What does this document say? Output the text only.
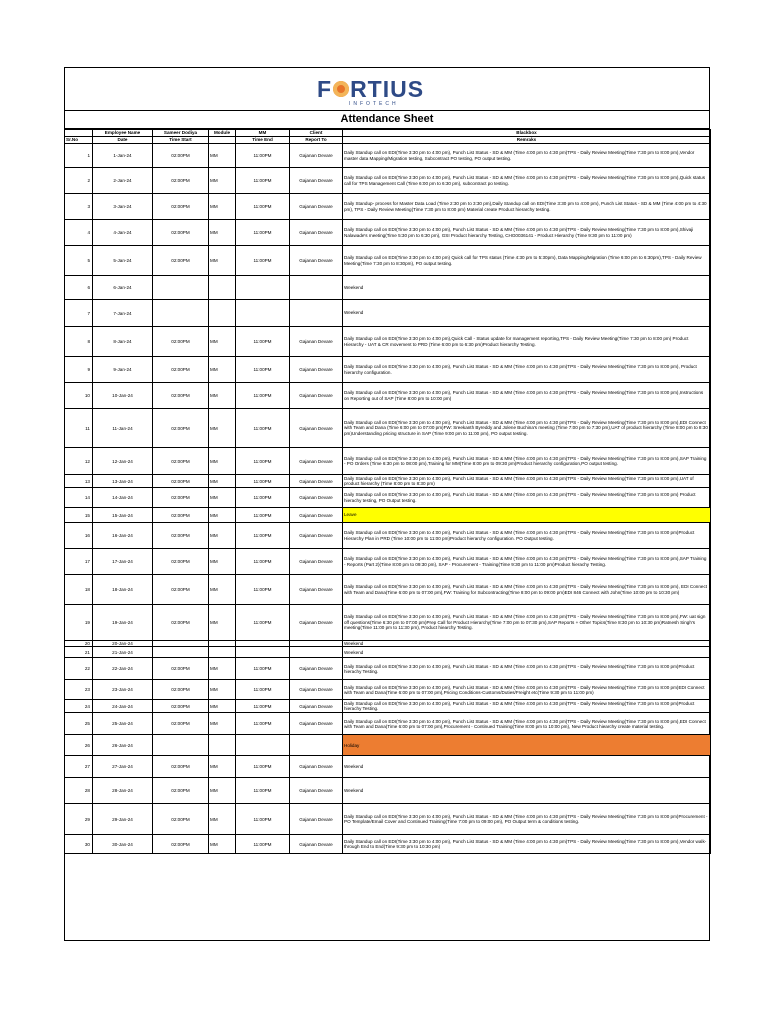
F RTIUS
INFOTECH
Attendance Sheet
	Employee Name	Sameer Dodiya	Module	MM	Client	Blackbox
Sr.No	Date	Time Start		Time End	Report To	Remraks
1	1-Jan-24	02:00PM	MM	11:00PM	Gajanan Devare	Daily Standup call on EDI(Time 3:30 pm to 4:00 pm), Punch List Status - SD & MM (Time 4:00 pm to 4:30 pm)TPS - Daily Review Meeting(Time 7:30 pm to 8:00 pm),Vendor master data Mapping/Migration testing, Subcontract PO testing, PO output testing.
2	2-Jan-24	02:00PM	MM	11:00PM	Gajanan Devare	Daily Standup call on EDI(Time 3:30 pm to 4:00 pm), Punch List Status - SD & MM (Time 4:00 pm to 4:30 pm)TPS - Daily Review Meeting(Time 7:30 pm to 8:00 pm),Quick status call for TPS Management Call (Time 6:00 pm to 6:30 pm), subcontract po testing.
3	3-Jan-24	02:00PM	MM	11:00PM	Gajanan Devare	Daily Standup- process for Master Data Load (Time 2:30 pm to 3:30 pm),Daily Standup call on EDI(Time 3:30 pm to 4:00 pm), Punch List Status - SD & MM (Time 4:00 pm to 4:30 pm), TPS - Daily Review Meeting(Time 7:30 pm to 8:00 pm) Material create Product hierarchy testing.
4	4-Jan-24	02:00PM	MM	11:00PM	Gajanan Devare	Daily Standup call on EDI(Time 3:30 pm to 4:00 pm), Punch List Status - SD & MM (Time 4:00 pm to 4:30 pm)TPS - Daily Review Meeting(Time 7:30 pm to 8:00 pm),Shivaji Nalawade's meeting(Time 5:30 pm to 6:30 pm), GSI Product hierarchy Testing, CHG0036141 - Product Hierarchy (Time 9:30 pm to 11:00 pm)
5	5-Jan-24	02:00PM	MM	11:00PM	Gajanan Devare	Daily Standup call on EDI(Time 3:30 pm to 4:00 pm) Quick call for TPS status (Time 4:30 pm to 5:30pm), Data Mapping/Migration (Time 6:00 pm to 6:30pm),TPS - Daily Review Meeting(Time 7:30 pm to 8:30pm), PO output testing.
6	6-Jan-24					Weekend
7	7-Jan-24					Weekend
8	8-Jan-24	02:00PM	MM	11:00PM	Gajanan Devare	Daily Standup call on EDI(Time 3:30 pm to 4:00 pm),Quick Call - Status update for management reporting,TPS - Daily Review Meeting(Time 7:30 pm to 8:00 pm) Product Hierarchy - UAT & CR movement to PRD (Time 6:00 pm to 6:30 pm)Product hierarchy Testing.
9	9-Jan-24	02:00PM	MM	11:00PM	Gajanan Devare	Daily Standup call on EDI(Time 3:30 pm to 4:00 pm), Punch List Status - SD & MM (Time 4:00 pm to 4:30 pm)TPS - Daily Review Meeting(Time 7:30 pm to 8:00 pm), Product hierarchy configuration.
10	10-Jan-24	02:00PM	MM	11:00PM	Gajanan Devare	Daily Standup call on EDI(Time 3:30 pm to 4:00 pm), Punch List Status - SD & MM (Time 4:00 pm to 4:30 pm)TPS - Daily Review Meeting(Time 7:30 pm to 8:00 pm),Instructions on Reporting out of SAP (Time 8:00 pm to 10:00 pm)
11	11-Jan-24	02:00PM	MM	11:00PM	Gajanan Devare	Daily Standup call on EDI(Time 3:30 pm to 4:00 pm), Punch List Status - SD & MM (Time 4:00 pm to 4:30 pm)TPS - Daily Review Meeting(Time 7:30 pm to 8:00 pm),EDI Connect with Team and Dana (Time 6:00 pm to 07:00 pm)FW: Sreekanth Byreddy and Jolene Buchina's meeting (Time 7:00 pm to 7:30 pm),UAT of product hierarchy (Time 8:00 pm to 8:30 pm)Understanding pricing structure in SAP (Time 9:00 pm to 11:00 pm), PO output testing.
12	12-Jan-24	02:00PM	MM	11:00PM	Gajanan Devare	Daily Standup call on EDI(Time 3:30 pm to 4:00 pm), Punch List Status - SD & MM (Time 4:00 pm to 4:30 pm)TPS - Daily Review Meeting(Time 7:30 pm to 8:00 pm),SAP Training - PO Orders (Time 6:30 pm to 08:00 pm),Training for MM(Time 8:00 pm to 09:30 pm)Product hierarchy configuration,PO output testing.
13	13-Jan-24	02:00PM	MM	11:00PM	Gajanan Devare	Daily Standup call on EDI(Time 3:30 pm to 4:00 pm), Punch List Status - SD & MM (Time 4:00 pm to 4:30 pm)TPS - Daily Review Meeting(Time 7:30 pm to 8:00 pm),UAT of product hierarchy (Time 8:00 pm to 8:30 pm)
14	14-Jan-24	02:00PM	MM	11:00PM	Gajanan Devare	Daily Standup call on EDI(Time 3:30 pm to 4:00 pm), Punch List Status - SD & MM (Time 4:00 pm to 4:30 pm)TPS - Daily Review Meeting(Time 7:30 pm to 8:00 pm) Product hierachy testing, PO Output testing.
15	15-Jan-24	02:00PM	MM	11:00PM	Gajanan Devare	Leave
16	16-Jan-24	02:00PM	MM	11:00PM	Gajanan Devare	Daily Standup call on EDI(Time 3:30 pm to 4:00 pm), Punch List Status - SD & MM (Time 4:00 pm to 4:30 pm)TPS - Daily Review Meeting(Time 7:30 pm to 8:00 pm)Product Hierarchy Plan in PRD (Time 10:00 pm to 11:00 pm)Product hierarchy configuration. PO Output testing.
17	17-Jan-24	02:00PM	MM	11:00PM	Gajanan Devare	Daily Standup call on EDI(Time 3:30 pm to 4:00 pm), Punch List Status - SD & MM (Time 4:00 pm to 4:30 pm)TPS - Daily Review Meeting(Time 7:30 pm to 8:00 pm),SAP Training - Reports (Part 2)(Time 8:00 pm to 09:30 pm), SAP - Procurement - Training(Time 9:30 pm to 11:00 pm)Product hierachy Testing.
18	18-Jan-24	02:00PM	MM	11:00PM	Gajanan Devare	Daily Standup call on EDI(Time 3:30 pm to 4:00 pm), Punch List Status - SD & MM (Time 4:00 pm to 4:30 pm)TPS - Daily Review Meeting(Time 7:30 pm to 8:00 pm), EDI Connect with Team and Dana(Time 6:00 pm to 07:00 pm),FW: Training for Subcontracting(Time 8:00 pm to 09:00 pm)EDI 846 Connect with John(Time 10:00 pm to 10:30 pm)
19	19-Jan-24	02:00PM	MM	11:00PM	Gajanan Devare	Daily Standup call on EDI(Time 3:30 pm to 4:00 pm), Punch List Status - SD & MM (Time 4:00 pm to 4:30 pm)TPS - Daily Review Meeting(Time 7:30 pm to 8:00 pm),FW: uat sign off questions(Time 6:30 pm to 07:00 pm)Prep Call for Product Hierarchy(Time 7:00 pm to 07:30 pm),SAP Reports + Other Topics(Time 8:30 pm to 10:30 pm)Ratnesh Singh's meeting(Time 11:00 pm to 11:30 pm), Product hiearchy Testing.
20	20-Jan-24					Weekend
21	21-Jan-24					Weekend
22	22-Jan-24	02:00PM	MM	11:00PM	Gajanan Devare	Daily Standup call on EDI(Time 3:30 pm to 4:00 pm), Punch List Status - SD & MM (Time 4:00 pm to 4:30 pm)TPS - Daily Review Meeting(Time 7:30 pm to 8:00 pm)Product hierachy Testing.
23	23-Jan-24	02:00PM	MM	11:00PM	Gajanan Devare	Daily Standup call on EDI(Time 3:30 pm to 4:00 pm), Punch List Status - SD & MM (Time 4:00 pm to 4:30 pm)TPS - Daily Review Meeting(Time 7:30 pm to 8:00 pm)EDI Connect with Team and Dana(Time 6:00 pm to 07:00 pm),Pricing Conditions-Customs/Duties/Freight etc(Time 9:30 pm to 11:00 pm)
24	24-Jan-24	02:00PM	MM	11:00PM	Gajanan Devare	Daily Standup call on EDI(Time 3:30 pm to 4:00 pm), Punch List Status - SD & MM (Time 4:00 pm to 4:30 pm)TPS - Daily Review Meeting(Time 7:30 pm to 8:00 pm)Product hierachy Testing.
25	25-Jan-24	02:00PM	MM	11:00PM	Gajanan Devare	Daily Standup call on EDI(Time 3:30 pm to 4:00 pm), Punch List Status - SD & MM (Time 4:00 pm to 4:30 pm)TPS - Daily Review Meeting(Time 7:30 pm to 8:00 pm),EDI Connect with Team and Dana(Time 6:00 pm to 07:00 pm),Procurement - Continued Training(Time 8:00 pm to 10:00 pm), New Product hiearchy create material testing.
26	26-Jan-24					Holiday
27	27-Jan-24	02:00PM	MM	11:00PM	Gajanan Devare	Weekend
28	28-Jan-24	02:00PM	MM	11:00PM	Gajanan Devare	Weekend
29	29-Jan-24	02:00PM	MM	11:00PM	Gajanan Devare	Daily Standup call on EDI(Time 3:30 pm to 4:00 pm), Punch List Status - SD & MM (Time 4:00 pm to 4:30 pm)TPS - Daily Review Meeting(Time 7:30 pm to 8:00 pm)Procurement - PO Template/Email Cover and Continued Training(Time 7:00 pm to 09:00 pm), PO Output term & conditions testing.
30	30-Jan-24	02:00PM	MM	11:00PM	Gajanan Devare	Daily Standup call on EDI(Time 3:30 pm to 4:00 pm), Punch List Status - SD & MM (Time 4:00 pm to 4:30 pm)TPS - Daily Review Meeting(Time 7:30 pm to 8:00 pm),Vendor walk-through End to End(Time 9:30 pm to 10:30 pm)
